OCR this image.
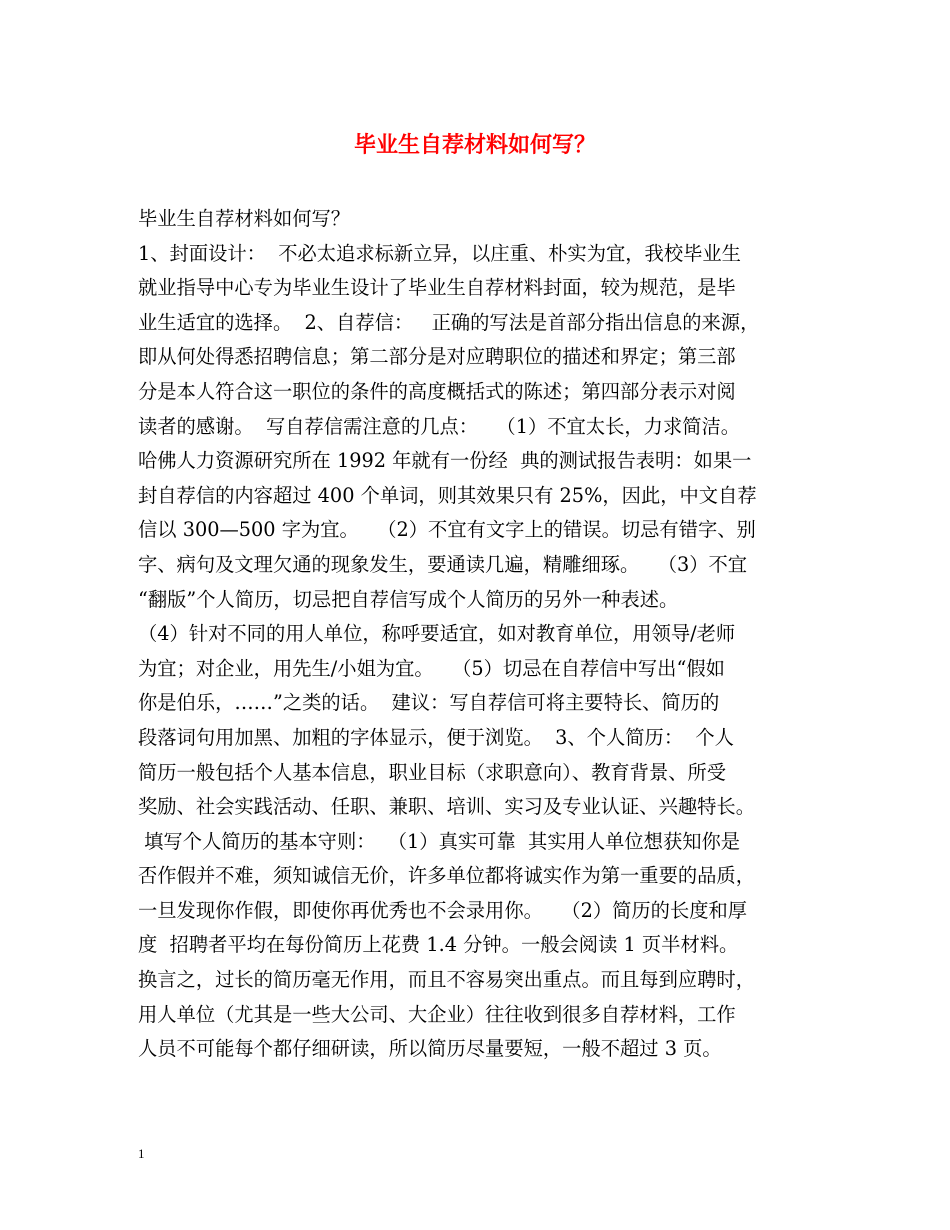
毕业生自荐材料如何写？
毕业生自荐材料如何写？
1、封面设计：  不必太追求标新立异，以庄重、朴实为宜，我校毕业生
就业指导中心专为毕业生设计了毕业生自荐材料封面，较为规范，是毕
业生适宜的选择。  2、自荐信：   正确的写法是首部分指出信息的来源，
即从何处得悉招聘信息；第二部分是对应聘职位的描述和界定；第三部
分是本人符合这一职位的条件的高度概括式的陈述；第四部分表示对阅
读者的感谢。  写自荐信需注意的几点：   （1）不宜太长，力求简洁。
哈佛人力资源研究所在 1992 年就有一份经  典的测试报告表明：如果一
封自荐信的内容超过 400 个单词，则其效果只有 25%，因此，中文自荐
信以 300—500 字为宜。   （2）不宜有文字上的错误。切忌有错字、别
字、病句及文理欠通的现象发生，要通读几遍，精雕细琢。   （3）不宜
“翻版”个人简历，切忌把自荐信写成个人简历的另外一种表述。
（4）针对不同的用人单位，称呼要适宜，如对教育单位，用领导/老师
为宜；对企业，用先生/小姐为宜。   （5）切忌在自荐信中写出“假如
你是伯乐，……”之类的话。  建议：写自荐信可将主要特长、简历的
段落词句用加黑、加粗的字体显示，便于浏览。  3、个人简历：  个人
简历一般包括个人基本信息，职业目标（求职意向）、教育背景、所受
奖励、社会实践活动、任职、兼职、培训、实习及专业认证、兴趣特长。
填写个人简历的基本守则：  （1）真实可靠  其实用人单位想获知你是
否作假并不难，须知诚信无价，许多单位都将诚实作为第一重要的品质，
一旦发现你作假，即使你再优秀也不会录用你。   （2）简历的长度和厚
度  招聘者平均在每份简历上花费 1.4 分钟。一般会阅读 1 页半材料。
换言之，过长的简历毫无作用，而且不容易突出重点。而且每到应聘时，
用人单位（尤其是一些大公司、大企业）往往收到很多自荐材料，工作
人员不可能每个都仔细研读，所以简历尽量要短，一般不超过 3 页。
1
